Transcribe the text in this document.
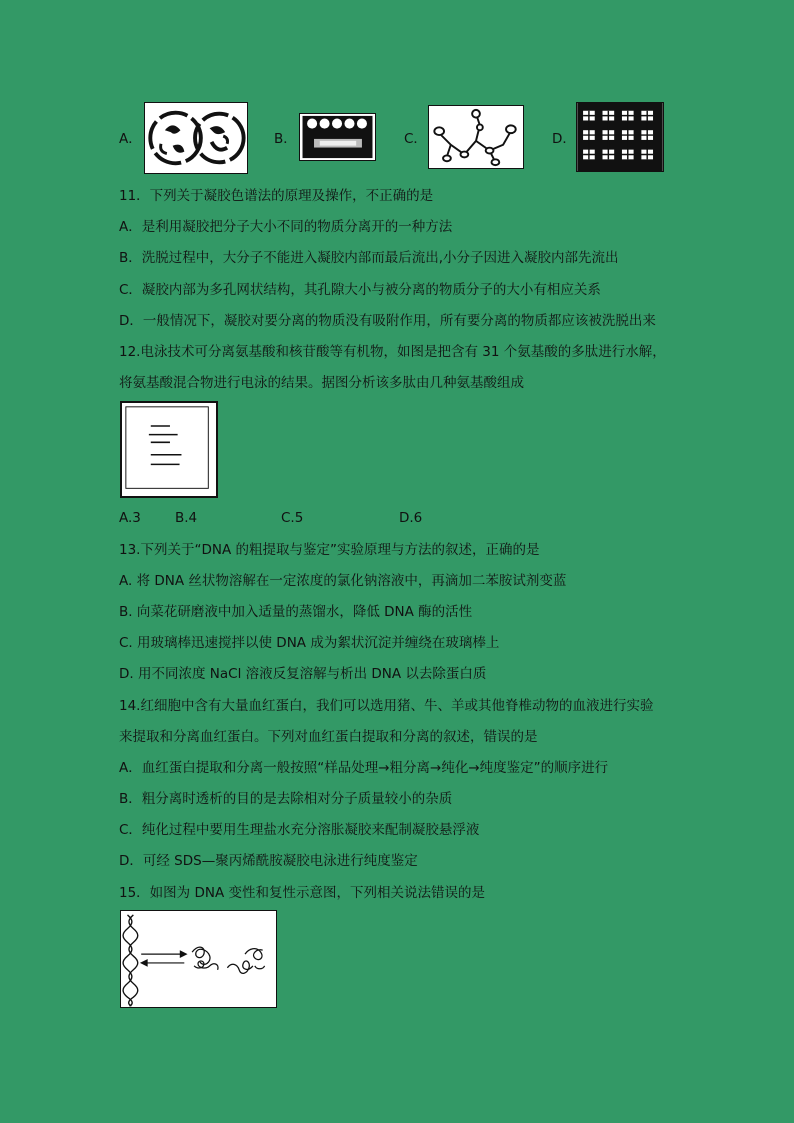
A．	B．	C．	D．
11．下列关于凝胶色谱法的原理及操作，不正确的是
A．是利用凝胶把分子大小不同的物质分离开的一种方法
B．洗脱过程中，大分子不能进入凝胶内部而最后流出,小分子因进入凝胶内部先流出
C．凝胶内部为多孔网状结构，其孔隙大小与被分离的物质分子的大小有相应关系
D．一般情况下，凝胶对要分离的物质没有吸附作用，所有要分离的物质都应该被洗脱出来
12.电泳技术可分离氨基酸和核苷酸等有机物，如图是把含有 31 个氨基酸的多肽进行水解，
将氨基酸混合物进行电泳的结果。据图分析该多肽由几种氨基酸组成
A.3	B.4	C.5	D.6
13.下列关于“DNA 的粗提取与鉴定”实验原理与方法的叙述，正确的是
A. 将 DNA 丝状物溶解在一定浓度的氯化钠溶液中，再滴加二苯胺试剂变蓝
B. 向菜花研磨液中加入适量的蒸馏水，降低 DNA 酶的活性
C. 用玻璃棒迅速搅拌以使 DNA 成为絮状沉淀并缠绕在玻璃棒上
D. 用不同浓度 NaCl 溶液反复溶解与析出 DNA 以去除蛋白质
14.红细胞中含有大量血红蛋白，我们可以选用猪、牛、羊或其他脊椎动物的血液进行实验
来提取和分离血红蛋白。下列对血红蛋白提取和分离的叙述，错误的是
A．血红蛋白提取和分离一般按照“样品处理→粗分离→纯化→纯度鉴定”的顺序进行
B．粗分离时透析的目的是去除相对分子质量较小的杂质
C．纯化过程中要用生理盐水充分溶胀凝胶来配制凝胶悬浮液
D．可经 SDS—聚丙烯酰胺凝胶电泳进行纯度鉴定
15．如图为 DNA 变性和复性示意图，下列相关说法错误的是
